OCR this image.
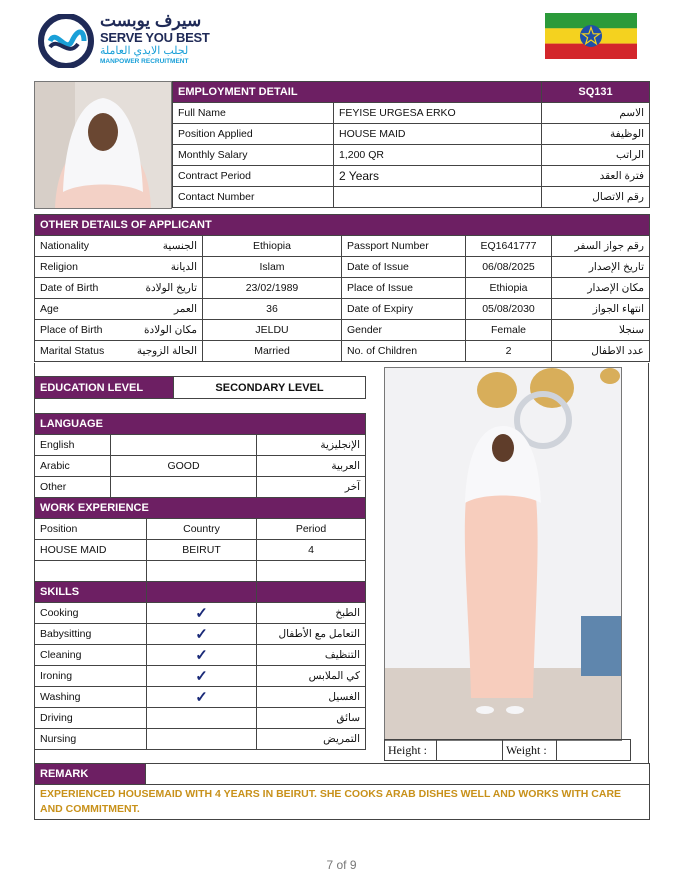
سيرف يوبست
SERVE YOU BEST
لجلب الايدي العاملة
MANPOWER RECRUITMENT
EMPLOYMENT DETAIL		SQ131
Full Name	FEYISE URGESA ERKO	الاسم
Position Applied	HOUSE MAID	الوظيفة
Monthly Salary	1,200 QR	الراتب
Contract Period	2 Years	فترة العقد
Contact Number		رقم الاتصال
OTHER DETAILS OF APPLICANT				
Nationality الجنسية	Ethiopia	Passport Number	EQ1641777	رقم جواز السفر
Religion الديانة	Islam	Date of Issue	06/08/2025	تاريخ الإصدار
Date of Birth تاريخ الولادة	23/02/1989	Place of Issue	Ethiopia	مكان الإصدار
Age العمر	36	Date of Expiry	05/08/2030	انتهاء الجواز
Place of Birth مكان الولادة	JELDU	Gender	Female	سنجلا
Marital Status الحالة الزوجية	Married	No. of Children	2	عدد الاطفال
EDUCATION LEVEL	SECONDARY LEVEL
LANGUAGE			
English			الإنجليزية
Arabic	GOOD		العربية
Other			آخر
WORK EXPERIENCE			
Position		Country	Period
HOUSE MAID		BEIRUT	4

SKILLS			
Cooking		✓	الطبخ
Babysitting		✓	التعامل مع الأطفال
Cleaning		✓	التنظيف
Ironing		✓	كي الملابس
Washing		✓	الغسيل
Driving			سائق
Nursing			التمريض
Height :		Weight :	
REMARK	
EXPERIENCED HOUSEMAID WITH 4 YEARS IN BEIRUT. SHE COOKS ARAB DISHES WELL AND WORKS WITH CARE AND COMMITMENT.
7 of 9
